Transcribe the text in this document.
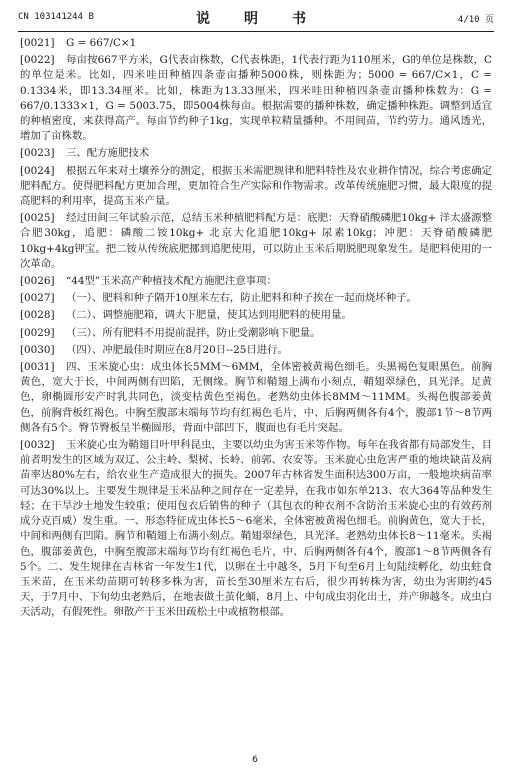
CN 103141244 B	说　明　书	4/10 页
[0021] G = 667/C×1
[0022] 每亩按667平方米，G代表亩株数，C代表株距，1代表行距为110厘米，G的单位是株数，C的单位是米。比如，四米哇田种植四条壶亩播种5000株，则株距为；5000 = 667/C×1，C = 0.1334米，即13.34厘米。比如，株距为13.33厘米，四米哇田种植四条壶亩播种株数为：G = 667/0.1333×1，G = 5003.75，即5004株每亩。根据需要的播种株数，确定播种株距。调整到适宜的种植密度，来获得高产。每亩节约种子1kg，实现单粒精量播种。不用间苗，节约劳力。通风透光，增加了亩株数。
[0023] 三、配方施肥技术
[0024] 根据五年来对土壤养分的测定，根据玉米需肥规律和肥料特性及农业耕作情况，综合考虑确定肥料配方。使得肥料配方更加合理，更加符合生产实际和作物需求。改革传统施肥习惯，最大限度的提高肥料的利用率，提高玉米产量。
[0025] 经过田间三年试验示范，总结玉米种植肥料配方是：底肥：天脊硝酸磷肥10kg+ 洋太盛源整合肥30kg，追肥：磷酸二铵10kg+ 北京大化追肥10kg+ 尿素10kg；冲肥：天脊硝酸磷肥10kg+4kg钾宝。把二铵从传统底肥挪到追肥使用，可以防止玉米后期脱肥现象发生。是肥料使用的一次革命。
[0026] “44型”玉米高产种植技术配方施肥注意事项：
[0027] （一）、肥料和种子隔开10厘米左右，防止肥料和种子挨在一起而烧坏种子。
[0028] （二）、调整施肥箱，调大下肥量，使其达到用肥料的使用量。
[0029] （三）、所有肥料不用提前混拌，防止受潮影响下肥量。
[0030] （四）、冲肥最佳时期应在8月20日--25日进行。
[0031] 四、玉米旋心虫：成虫体长5MM～6MM，全体密被黄褐色细毛。头黑褐色复眼黑色。前胸黄色，宽大于长，中间两侧有凹陷，无侧缘。胸节和鞘翅上满布小刻点，鞘翅翠绿色，具光泽。足黄色，卵椭圆形安产时乳共同色，淡变枯黄色至褐色。老熟幼虫体长8MM～11MM。头褐色腹部姜黄色，前胸背板红褐色。中胸至腹部末端每节均有红褐色毛片，中、后胸两侧各有4个，腹部1节～8节两侧各有5个。臀节臀板呈半椭圆形，背面中部凹下，腹面也有毛片突起。
[0032] 玉米旋心虫为鞘翅目叶甲科昆虫，主要以幼虫为害玉米等作物。每年在我省都有局部发生，目前者明发生的区域为双辽、公主岭、梨树、长岭、前郭、农安等。玉米旋心虫危害严重的地块缺苗及病苗率达80%左右，给农业生产造成很大的损失。2007年古林省发生面积达300万亩，一般地块病苗率可达30%以上。主要发生规律是玉米品种之间存在一定差异，在我市如东单213、农大364等品种发生轻；在干旱沙土地发生较重；使用包衣后销售的种子（其包衣的种衣剂不含防治玉米旋心虫的有效药剂成分克百威）发生重。一、形态特征成虫体长5～6毫米，全体密被黄褐色细毛。前胸黄色，宽大于长，中间和两侧有凹陷。胸节和鞘翅上布满小刻点。鞘翅翠绿色，具光泽。老熟幼虫体长8～11毫米。头褐色，腹部姜黄色，中胸至腹部末端每节均有红褐色毛片，中、后胸两侧各有4个，腹部1～8节两侧各有5个。二、发生规律在吉林省一年发生1代，以卵在土中越冬，5月下旬至6月上旬陆续孵化，幼虫蛀食玉米苗，在玉米幼苗期可转移多株为害，苗长至30厘米左右后，很少再转株为害，幼虫为害期约45天，于7月中、下旬幼虫老熟后，在地表做土茧化蛹，8月上、中旬成虫羽化出土，并产卵越冬。成虫白天活动，有假死性。卵散产于玉米田疏松土中或植物根部。
6
